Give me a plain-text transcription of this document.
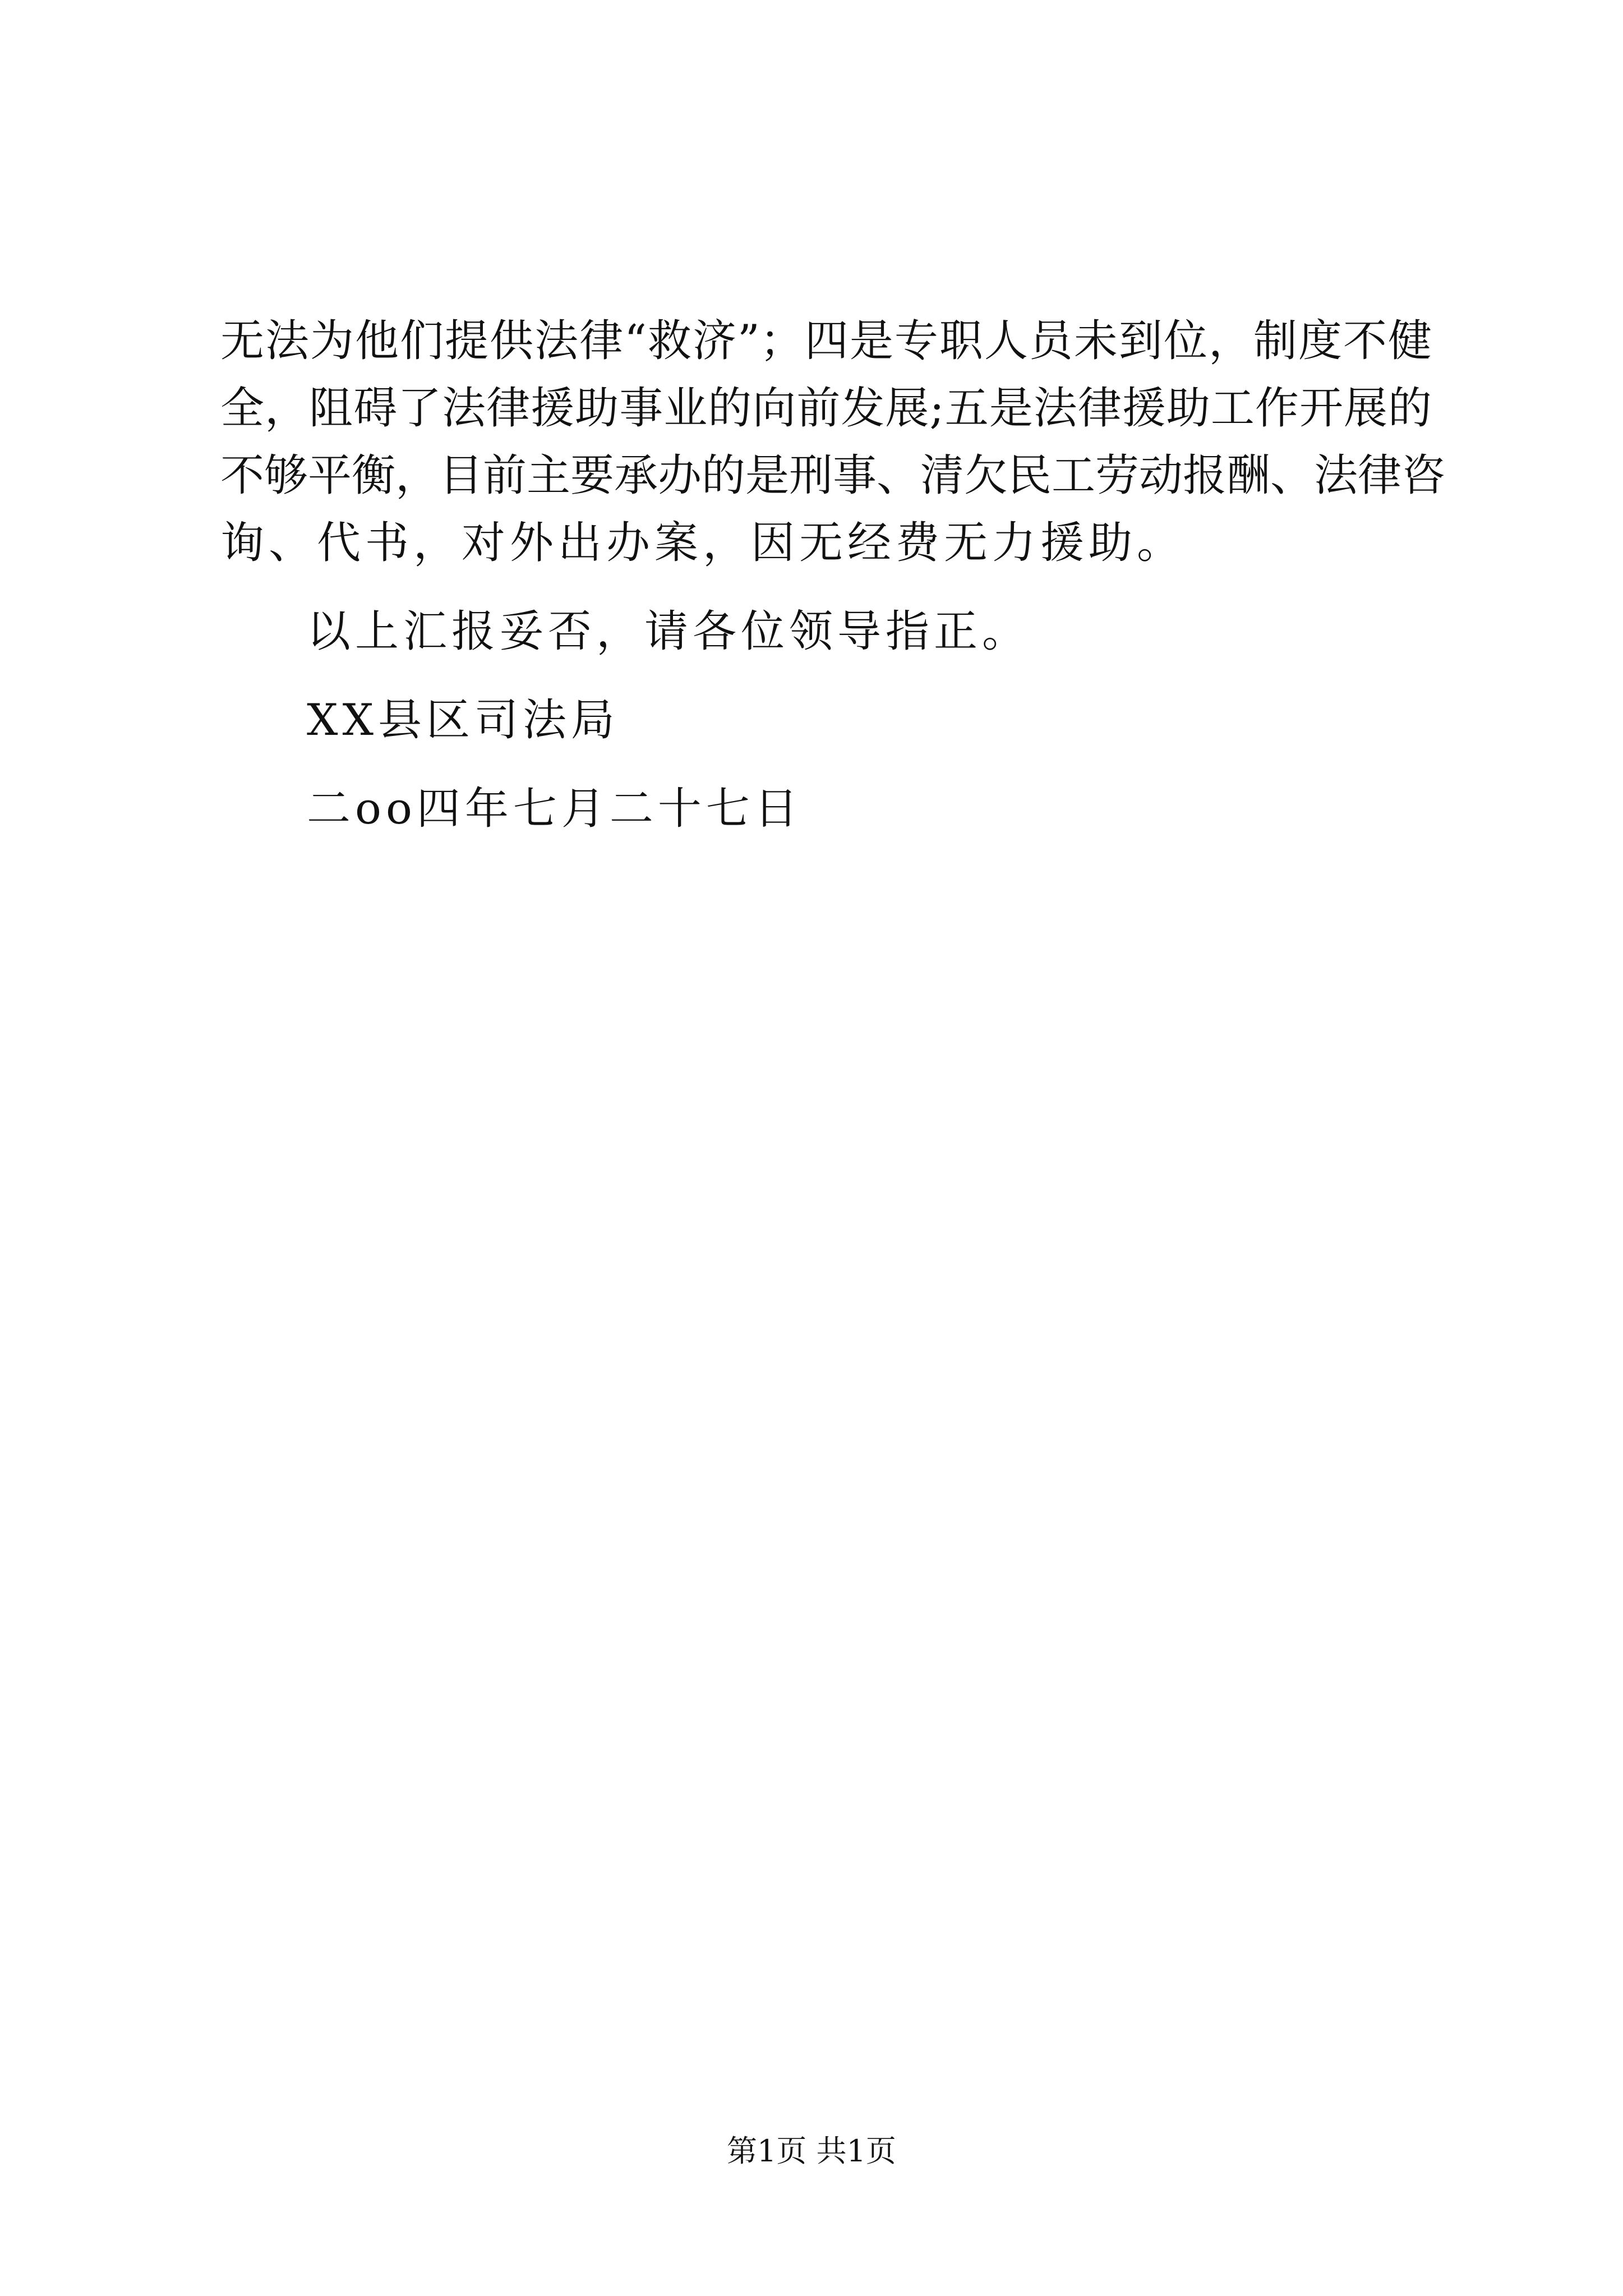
无法为他们提供法律“救济”；四是专职人员未到位，制度不健
全，阻碍了法律援助事业的向前发展;五是法律援助工作开展的
不够平衡，目前主要承办的是刑事、清欠民工劳动报酬、法律咨
询、代书，对外出办案，因无经费无力援助。
以上汇报妥否，请各位领导指正。
XX县区司法局
二oo四年七月二十七日
第1页 共1页
